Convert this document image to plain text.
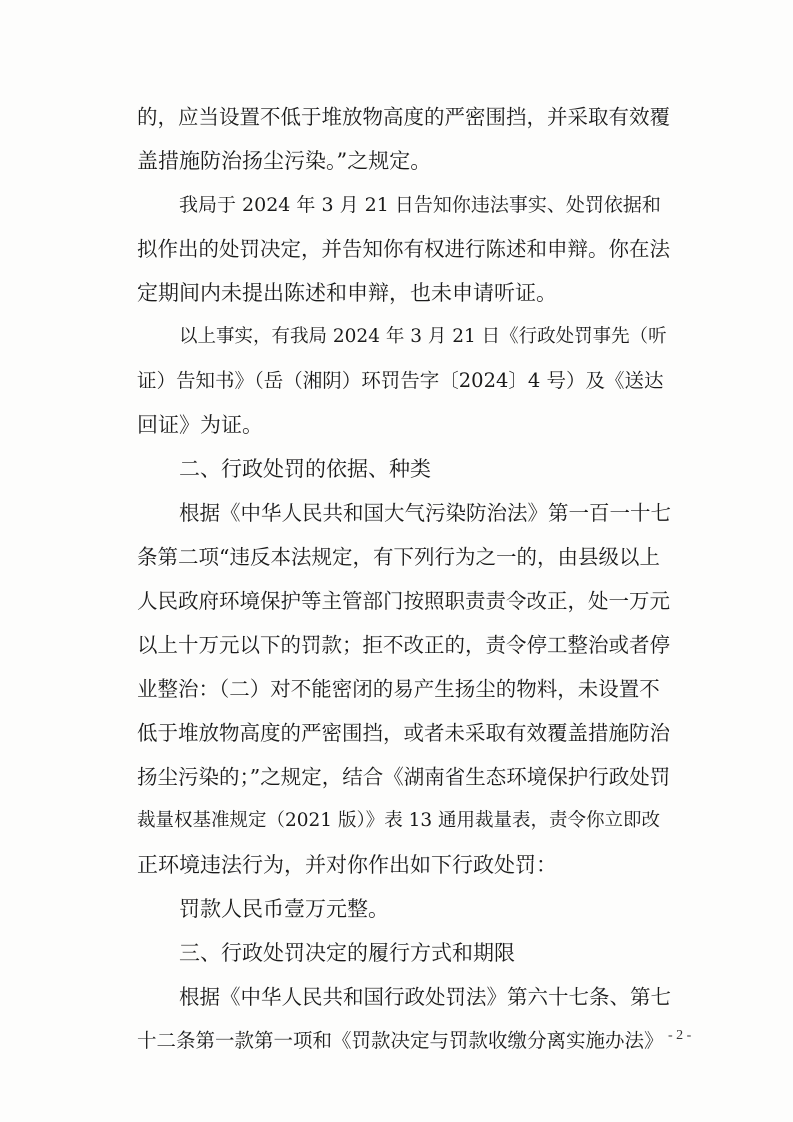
的，应当设置不低于堆放物高度的严密围挡，并采取有效覆
盖措施防治扬尘污染。”之规定。
我局于 2024 年 3 月 21 日告知你违法事实、处罚依据和
拟作出的处罚决定，并告知你有权进行陈述和申辩。你在法
定期间内未提出陈述和申辩，也未申请听证。
以上事实，有我局 2024 年 3 月 21 日《行政处罚事先（听
证）告知书》（岳（湘阴）环罚告字〔2024〕4 号）及《送达
回证》为证。
二、行政处罚的依据、种类
根据《中华人民共和国大气污染防治法》第一百一十七
条第二项“违反本法规定，有下列行为之一的，由县级以上
人民政府环境保护等主管部门按照职责责令改正，处一万元
以上十万元以下的罚款；拒不改正的，责令停工整治或者停
业整治：（二）对不能密闭的易产生扬尘的物料，未设置不
低于堆放物高度的严密围挡，或者未采取有效覆盖措施防治
扬尘污染的；”之规定，结合《湖南省生态环境保护行政处罚
裁量权基准规定（2021 版）》表 13 通用裁量表，责令你立即改
正环境违法行为，并对你作出如下行政处罚：
罚款人民币壹万元整。
三、行政处罚决定的履行方式和期限
根据《中华人民共和国行政处罚法》第六十七条、第七
十二条第一款第一项和《罚款决定与罚款收缴分离实施办法》 - 2 -
